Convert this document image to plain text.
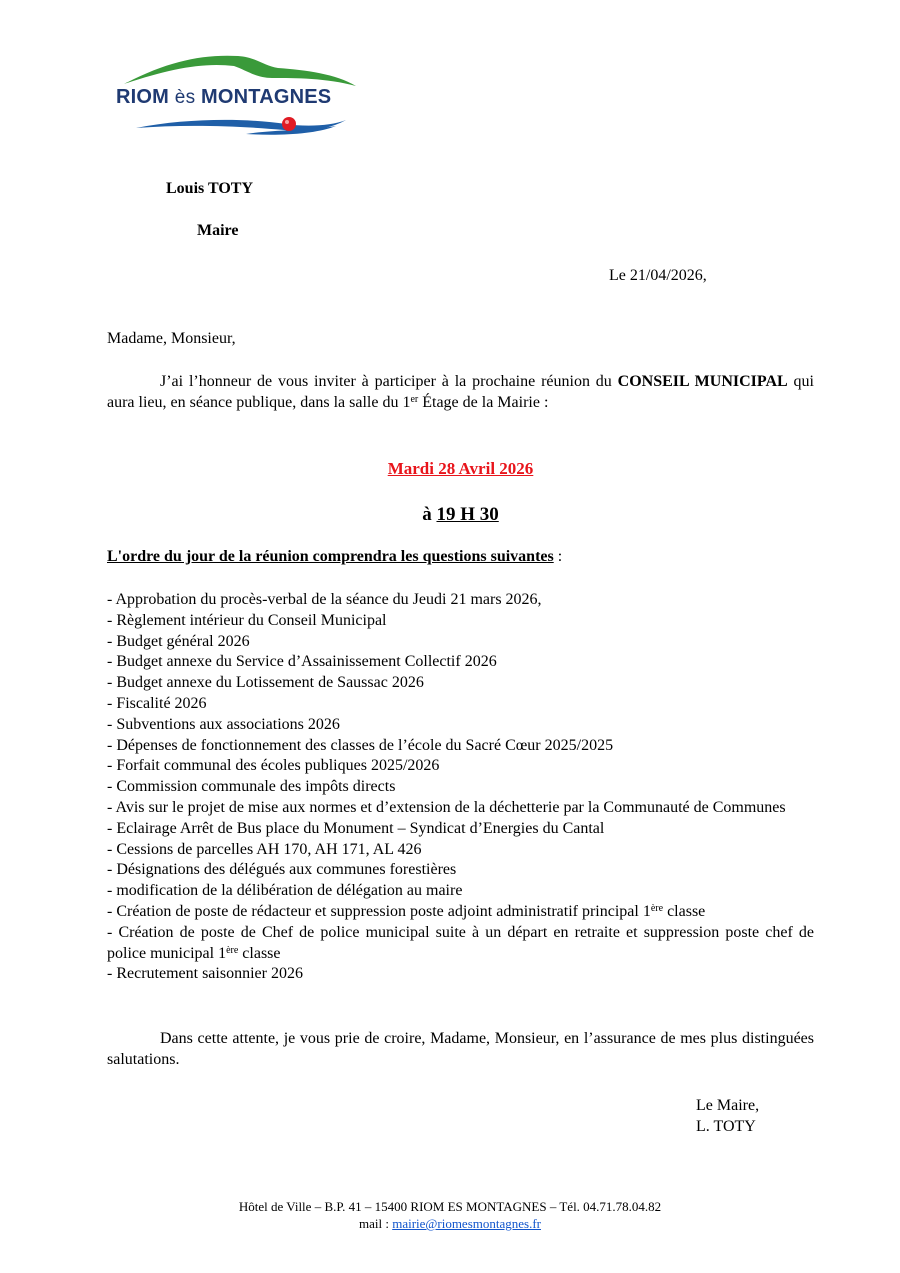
RIOM ès MONTAGNES
Louis TOTY
Maire
Le 21/04/2026,
Madame, Monsieur,
J’ai l’honneur de vous inviter à participer à la prochaine réunion du CONSEIL MUNICIPAL qui aura lieu, en séance publique, dans la salle du 1er Étage de la Mairie :
Mardi 28 Avril 2026
à 19 H 30
L'ordre du jour de la réunion comprendra les questions suivantes :
- Approbation du procès-verbal de la séance du Jeudi 21 mars 2026,
- Règlement intérieur du Conseil Municipal
- Budget général 2026
- Budget annexe du Service d’Assainissement Collectif 2026
- Budget annexe du Lotissement de Saussac 2026
- Fiscalité 2026
- Subventions aux associations 2026
- Dépenses de fonctionnement des classes de l’école du Sacré Cœur 2025/2025
- Forfait communal des écoles publiques 2025/2026
- Commission communale des impôts directs
- Avis sur le projet de mise aux normes et d’extension de la déchetterie par la Communauté de Communes
- Eclairage Arrêt de Bus place du Monument – Syndicat d’Energies du Cantal
- Cessions de parcelles AH 170, AH 171, AL 426
- Désignations des délégués aux communes forestières
- modification de la délibération de délégation au maire
- Création de poste de rédacteur et suppression poste adjoint administratif principal 1ère classe
- Création de poste de Chef de police municipal suite à un départ en retraite et suppression poste chef de police municipal 1ère classe
- Recrutement saisonnier 2026
Dans cette attente, je vous prie de croire, Madame, Monsieur, en l’assurance de mes plus distinguées salutations.
Le Maire,
L. TOTY
Hôtel de Ville – B.P. 41 – 15400 RIOM ES MONTAGNES – Tél. 04.71.78.04.82
mail : mairie@riomesmontagnes.fr
